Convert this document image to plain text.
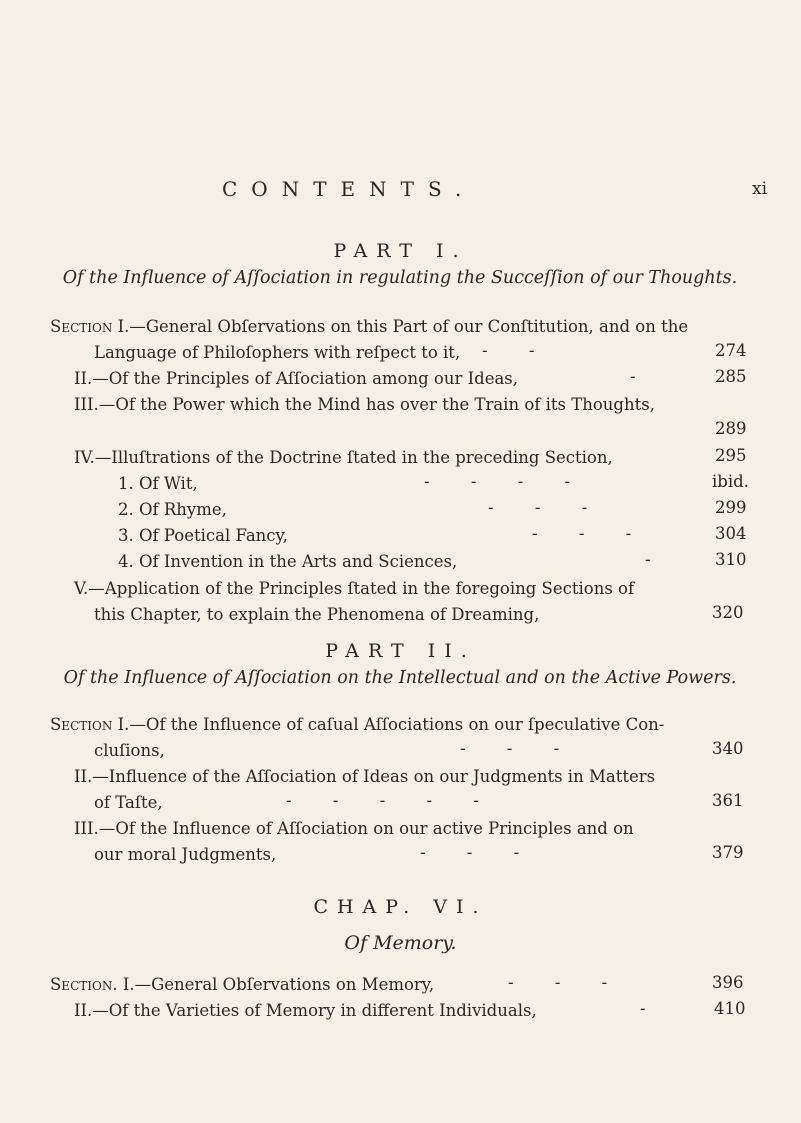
CONTENTS.	xi
PART I.
Of the Influence of Aſſociation in regulating the Succeſſion of our Thoughts.
Section I.—General Obſervations on this Part of our Conſtitution, and on the
Language of Philoſophers with reſpect to it, - -	274
II.—Of the Principles of Aſſociation among our Ideas,	-	285
III.—Of the Power which the Mind has over the Train of its Thoughts,
289
IV.—Illuſtrations of the Doctrine ſtated in the preceding Section,	295
1. Of Wit,	- - - -	ibid.
2. Of Rhyme,	- - -	299
3. Of Poetical Fancy,	- - -	304
4. Of Invention in the Arts and Sciences,	-	310
V.—Application of the Principles ſtated in the foregoing Sections of
this Chapter, to explain the Phenomena of Dreaming,	320
PART II.
Of the Influence of Aſſociation on the Intellectual and on the Active Powers.
Section I.—Of the Influence of caſual Aſſociations on our ſpeculative Con-
cluſions,	- - -	340
II.—Influence of the Aſſociation of Ideas on our Judgments in Matters
of Taſte,	- - - - -	361
III.—Of the Influence of Aſſociation on our active Principles and on
our moral Judgments,	- - -	379
CHAP. VI.
Of Memory.
Section. I.—General Obſervations on Memory,	- - -	396
II.—Of the Varieties of Memory in different Individuals,	-	410
